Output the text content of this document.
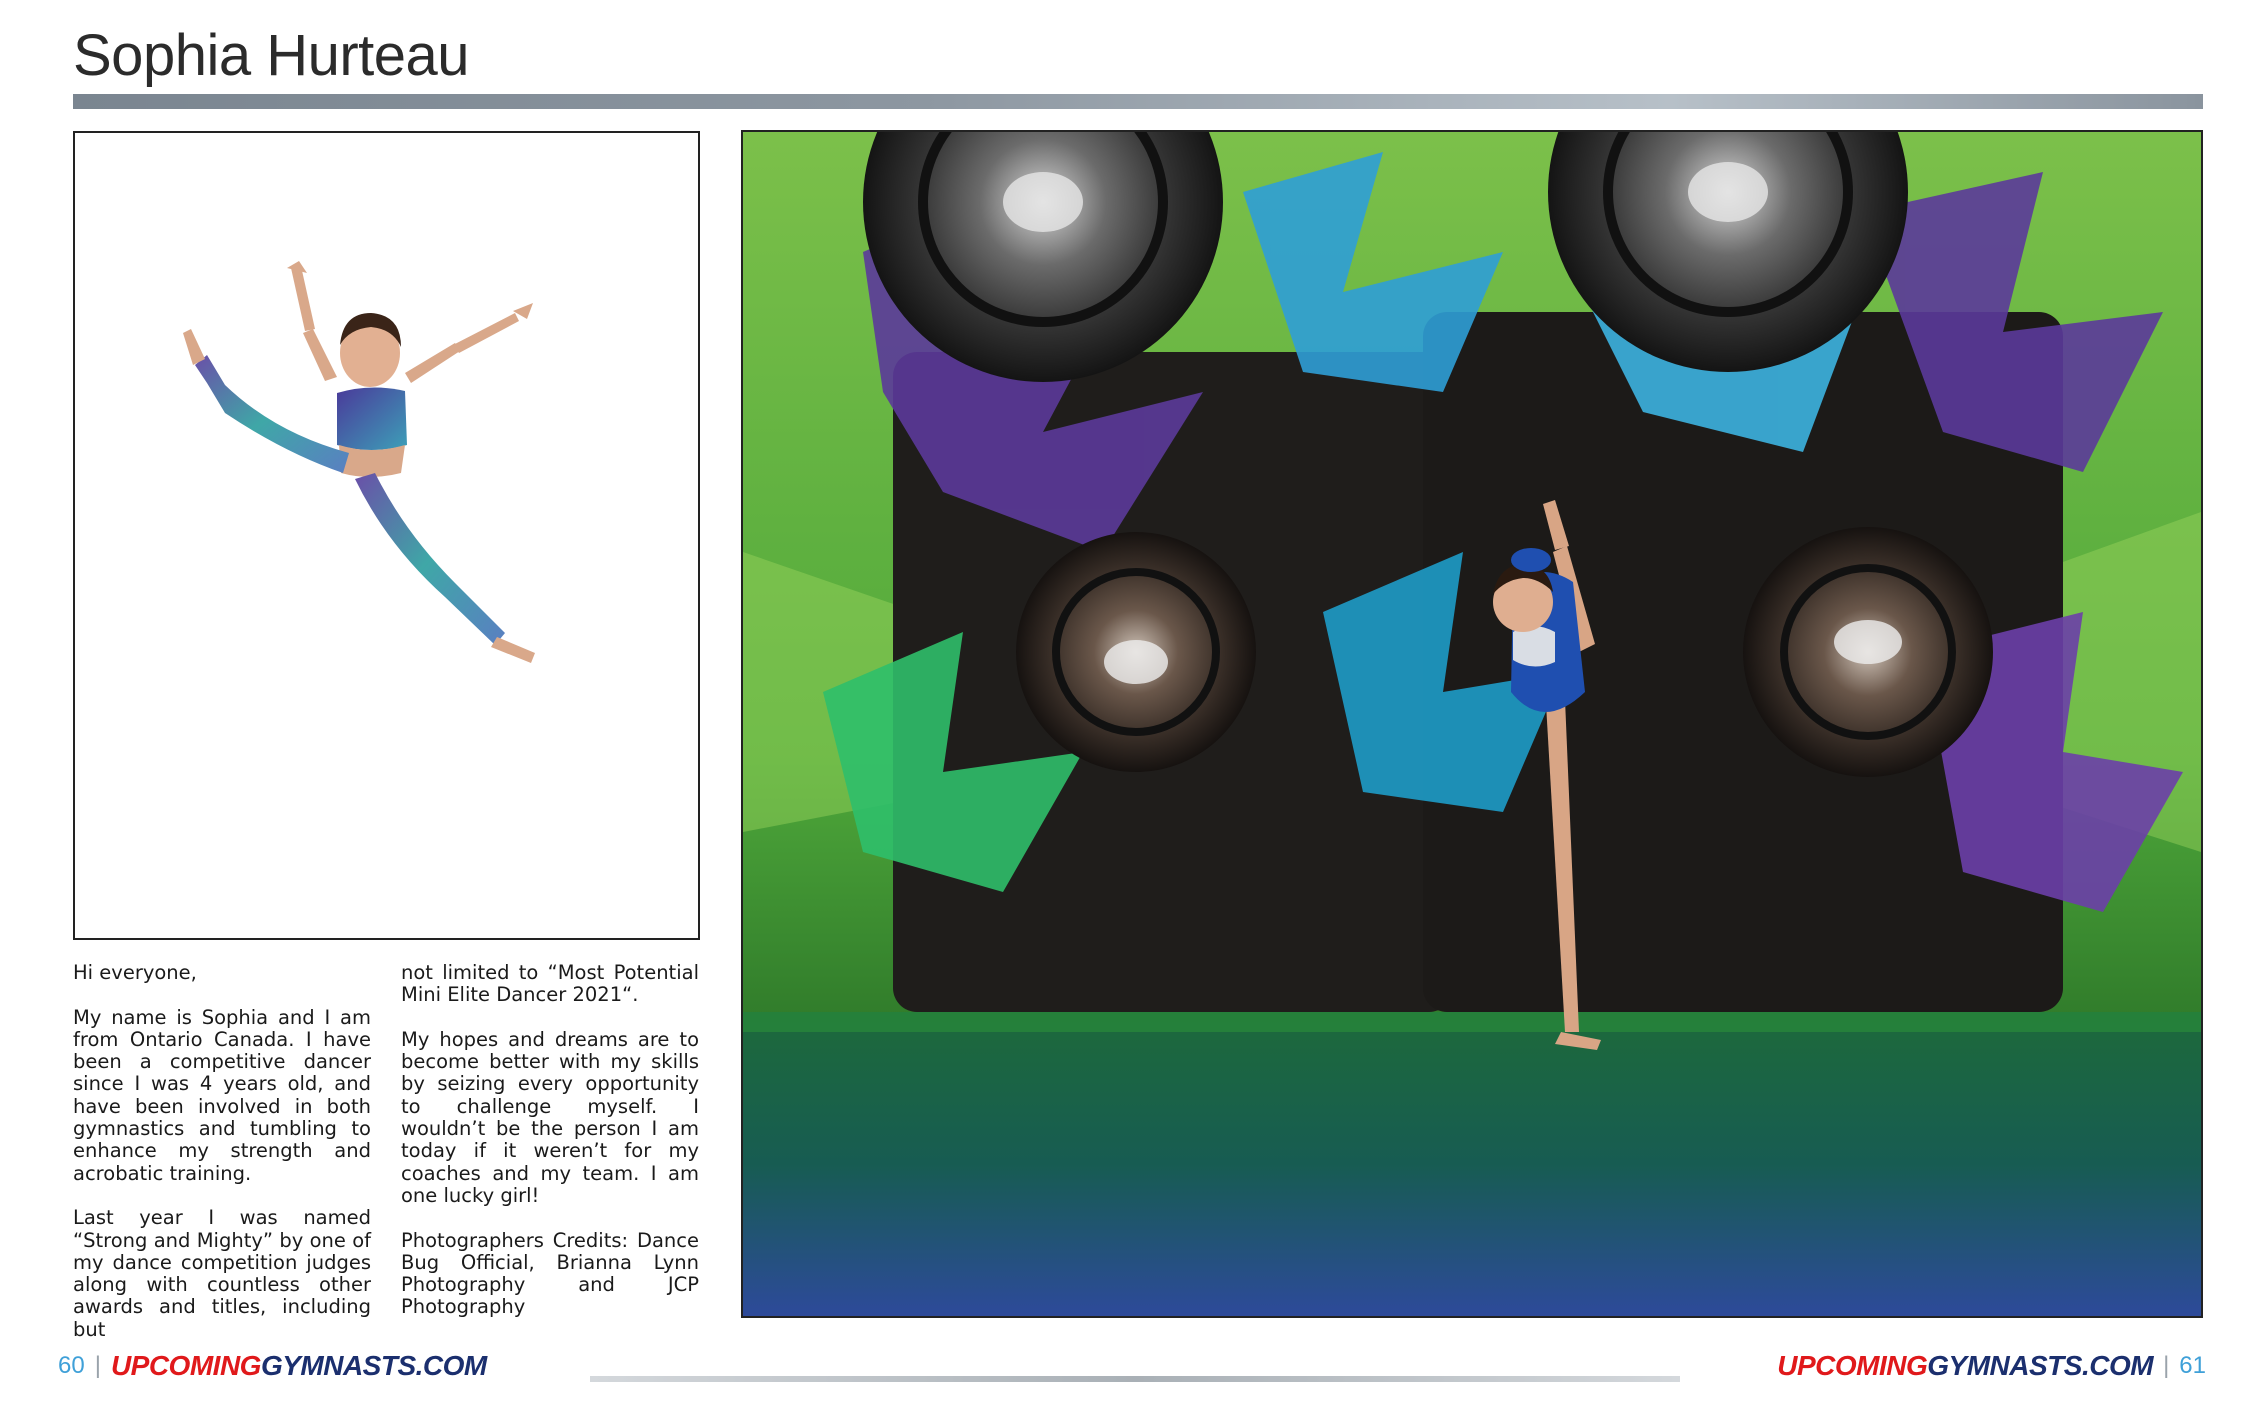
Sophia Hurteau

Hi everyone,

My name is Sophia and I am from Ontario Canada. I have been a competitive dancer since I was 4 years old, and have been involved in both gymnastics and tumbling to enhance my strength and acrobatic training.

Last year I was named “Strong and Mighty” by one of my dance competition judges along with countless other awards and titles, including but

not limited to “Most Potential Mini Elite Dancer 2021“.

My hopes and dreams are to become better with my skills by seizing every opportunity to challenge myself. I wouldn’t be the person I am today if it weren’t for my coaches and my team. I am one lucky girl!

Photographers Credits: Dance Bug Official, Brianna Lynn Photography and JCP Photography

60 | UPCOMINGGYMNASTS.COM	UPCOMINGGYMNASTS.COM | 61
